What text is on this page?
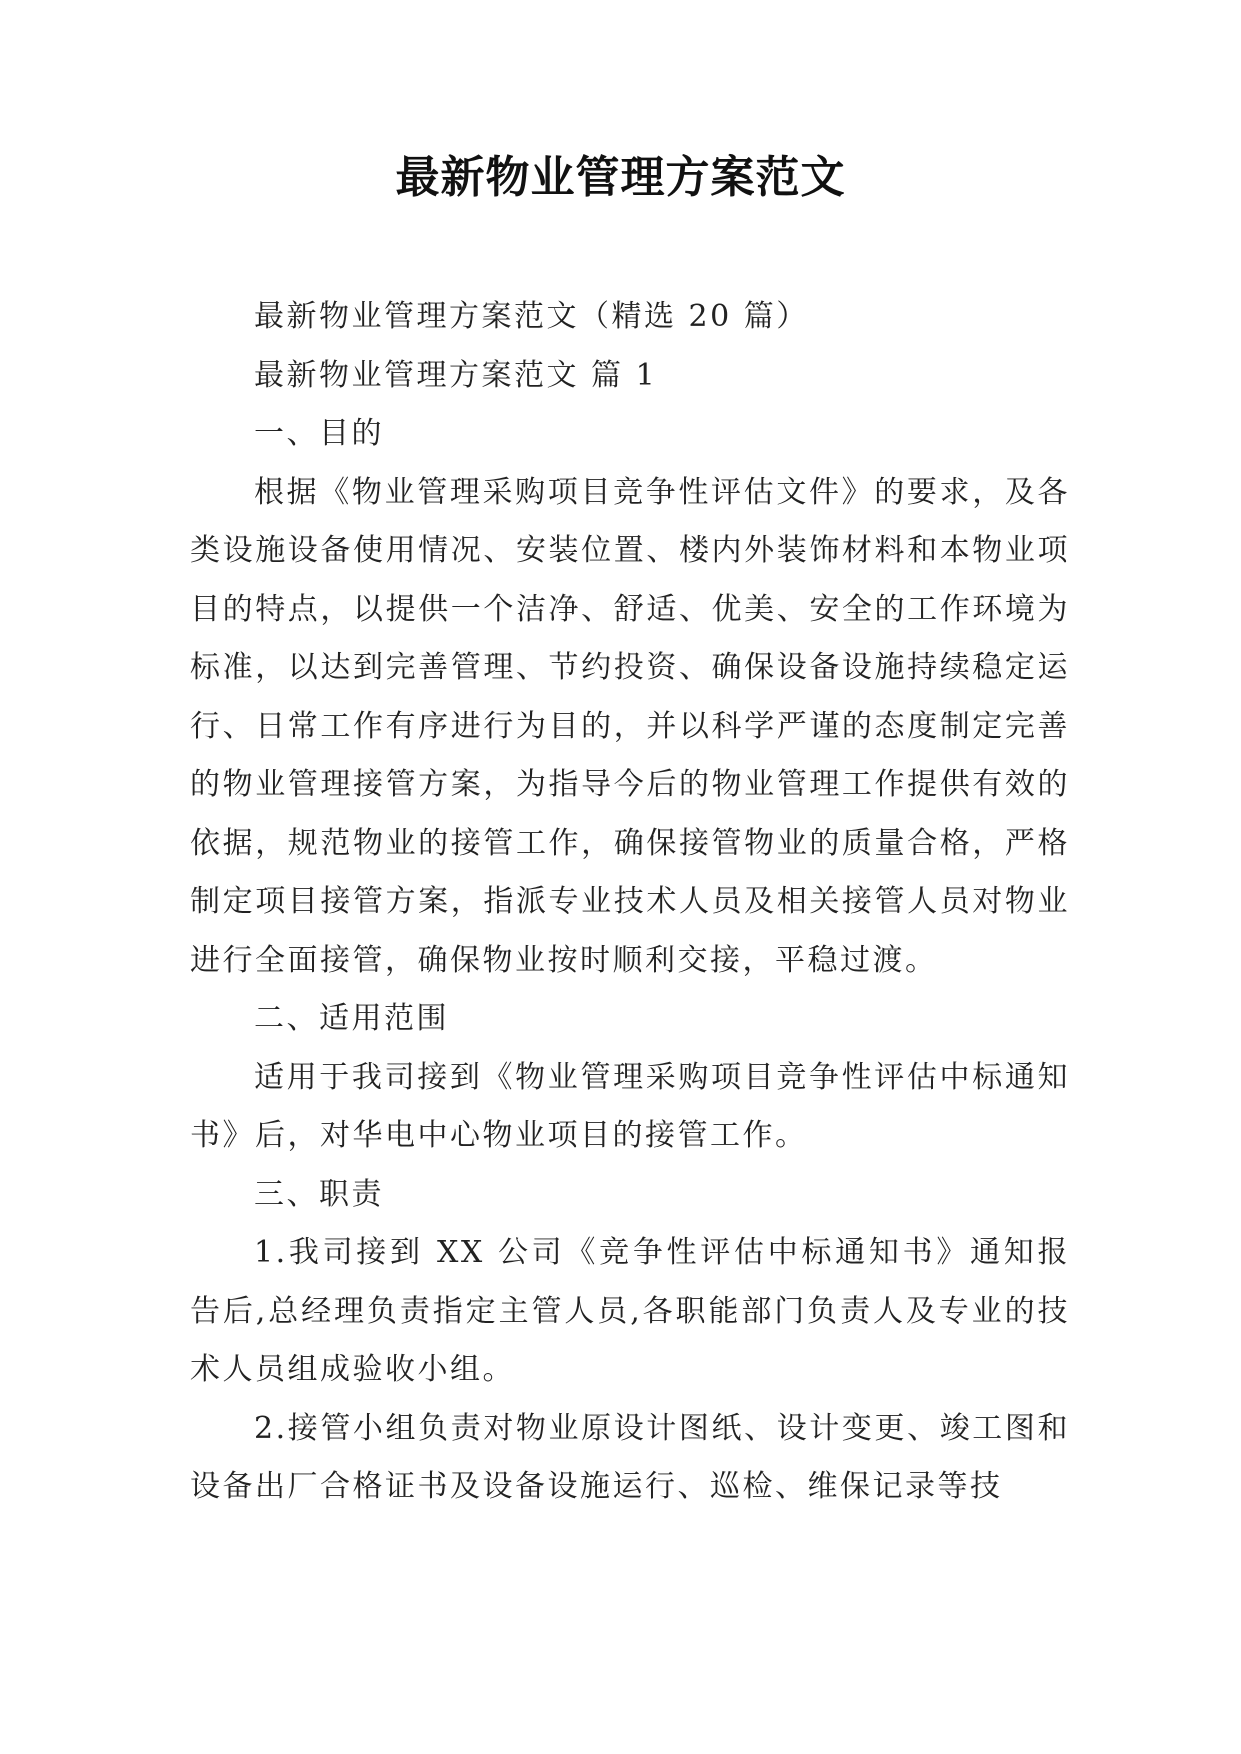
最新物业管理方案范文

最新物业管理方案范文（精选 20 篇）

最新物业管理方案范文 篇 1

一、目的

根据《物业管理采购项目竞争性评估文件》的要求，及各类设施设备使用情况、安装位置、楼内外装饰材料和本物业项目的特点，以提供一个洁净、舒适、优美、安全的工作环境为标准，以达到完善管理、节约投资、确保设备设施持续稳定运行、日常工作有序进行为目的，并以科学严谨的态度制定完善的物业管理接管方案，为指导今后的物业管理工作提供有效的依据，规范物业的接管工作，确保接管物业的质量合格，严格制定项目接管方案，指派专业技术人员及相关接管人员对物业进行全面接管，确保物业按时顺利交接，平稳过渡。

二、适用范围

适用于我司接到《物业管理采购项目竞争性评估中标通知书》后，对华电中心物业项目的接管工作。

三、职责

1.我司接到 XX 公司《竞争性评估中标通知书》通知报告后,总经理负责指定主管人员,各职能部门负责人及专业的技术人员组成验收小组。

2.接管小组负责对物业原设计图纸、设计变更、竣工图和设备出厂合格证书及设备设施运行、巡检、维保记录等技
